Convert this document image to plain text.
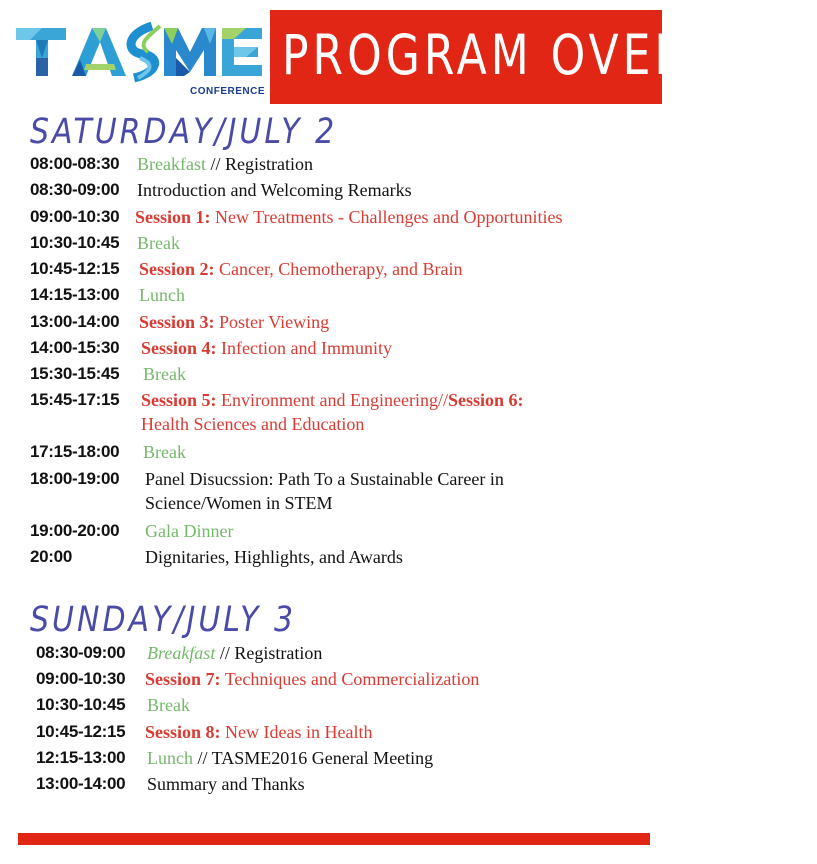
CONFERENCE
PROGRAM OVERVIEW
SATURDAY/JULY 2
08:00-08:30 Breakfast // Registration
08:30-09:00 Introduction and Welcoming Remarks
09:00-10:30 Session 1: New Treatments - Challenges and Opportunities
10:30-10:45 Break
10:45-12:15 Session 2: Cancer, Chemotherapy, and Brain
14:15-13:00 Lunch
13:00-14:00 Session 3: Poster Viewing
14:00-15:30 Session 4: Infection and Immunity
15:30-15:45 Break
15:45-17:15 Session 5: Environment and Engineering//Session 6:
Health Sciences and Education
17:15-18:00 Break
18:00-19:00 Panel Disucssion: Path To a Sustainable Career in
Science/Women in STEM
19:00-20:00 Gala Dinner
20:00	Dignitaries, Highlights, and Awards
SUNDAY/JULY 3
08:30-09:00 Breakfast // Registration
09:00-10:30 Session 7: Techniques and Commercialization
10:30-10:45 Break
10:45-12:15 Session 8: New Ideas in Health
12:15-13:00 Lunch // TASME2016 General Meeting
13:00-14:00 Summary and Thanks
